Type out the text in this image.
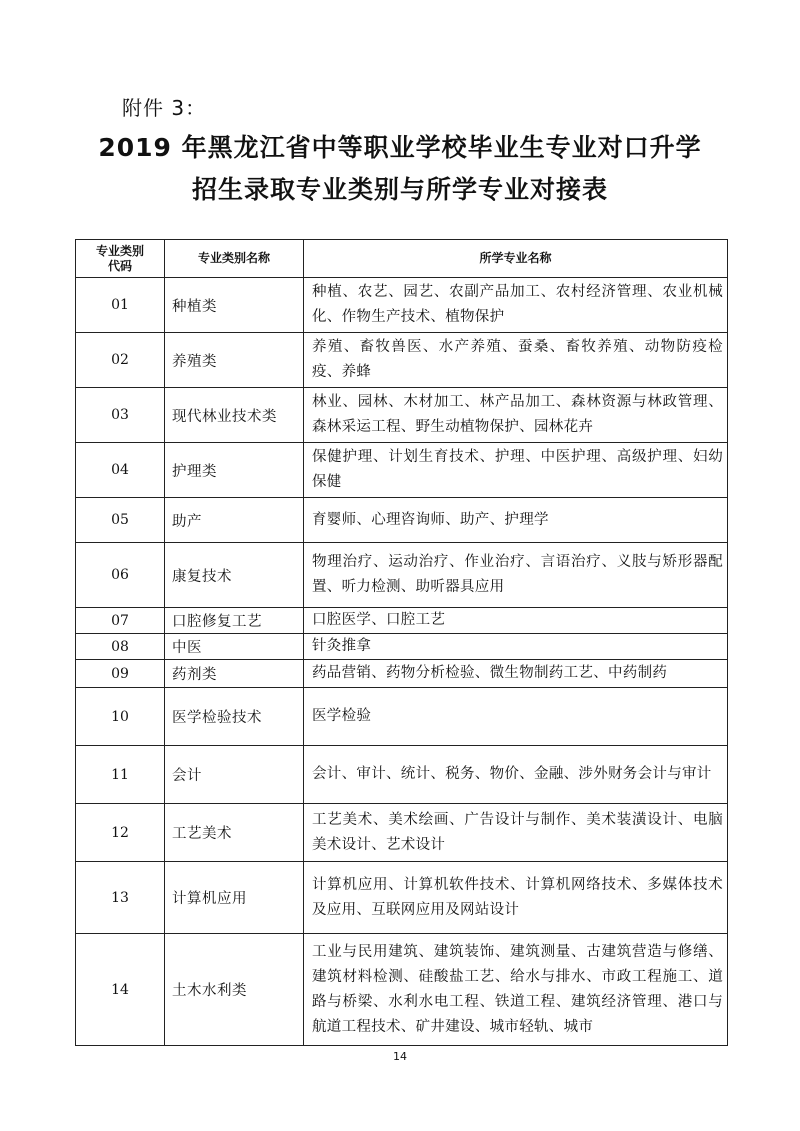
附件 3：
2019 年黑龙江省中等职业学校毕业生专业对口升学
招生录取专业类别与所学专业对接表
专业类别
代码	专业类别名称	所学专业名称
01	种植类	种植、农艺、园艺、农副产品加工、农村经济管理、农业机械化、作物生产技术、植物保护
02	养殖类	养殖、畜牧兽医、水产养殖、蚕桑、畜牧养殖、动物防疫检疫、养蜂
03	现代林业技术类	林业、园林、木材加工、林产品加工、森林资源与林政管理、森林采运工程、野生动植物保护、园林花卉
04	护理类	保健护理、计划生育技术、护理、中医护理、高级护理、妇幼保健
05	助产	育婴师、心理咨询师、助产、护理学
06	康复技术	物理治疗、运动治疗、作业治疗、言语治疗、义肢与矫形器配置、听力检测、助听器具应用
07	口腔修复工艺	口腔医学、口腔工艺
08	中医	针灸推拿
09	药剂类	药品营销、药物分析检验、微生物制药工艺、中药制药
10	医学检验技术	医学检验
11	会计	会计、审计、统计、税务、物价、金融、涉外财务会计与审计
12	工艺美术	工艺美术、美术绘画、广告设计与制作、美术装潢设计、电脑美术设计、艺术设计
13	计算机应用	计算机应用、计算机软件技术、计算机网络技术、多媒体技术及应用、互联网应用及网站设计
14	土木水利类	工业与民用建筑、建筑装饰、建筑测量、古建筑营造与修缮、建筑材料检测、硅酸盐工艺、给水与排水、市政工程施工、道路与桥梁、水利水电工程、铁道工程、建筑经济管理、港口与航道工程技术、矿井建设、城市轻轨、城市
14
